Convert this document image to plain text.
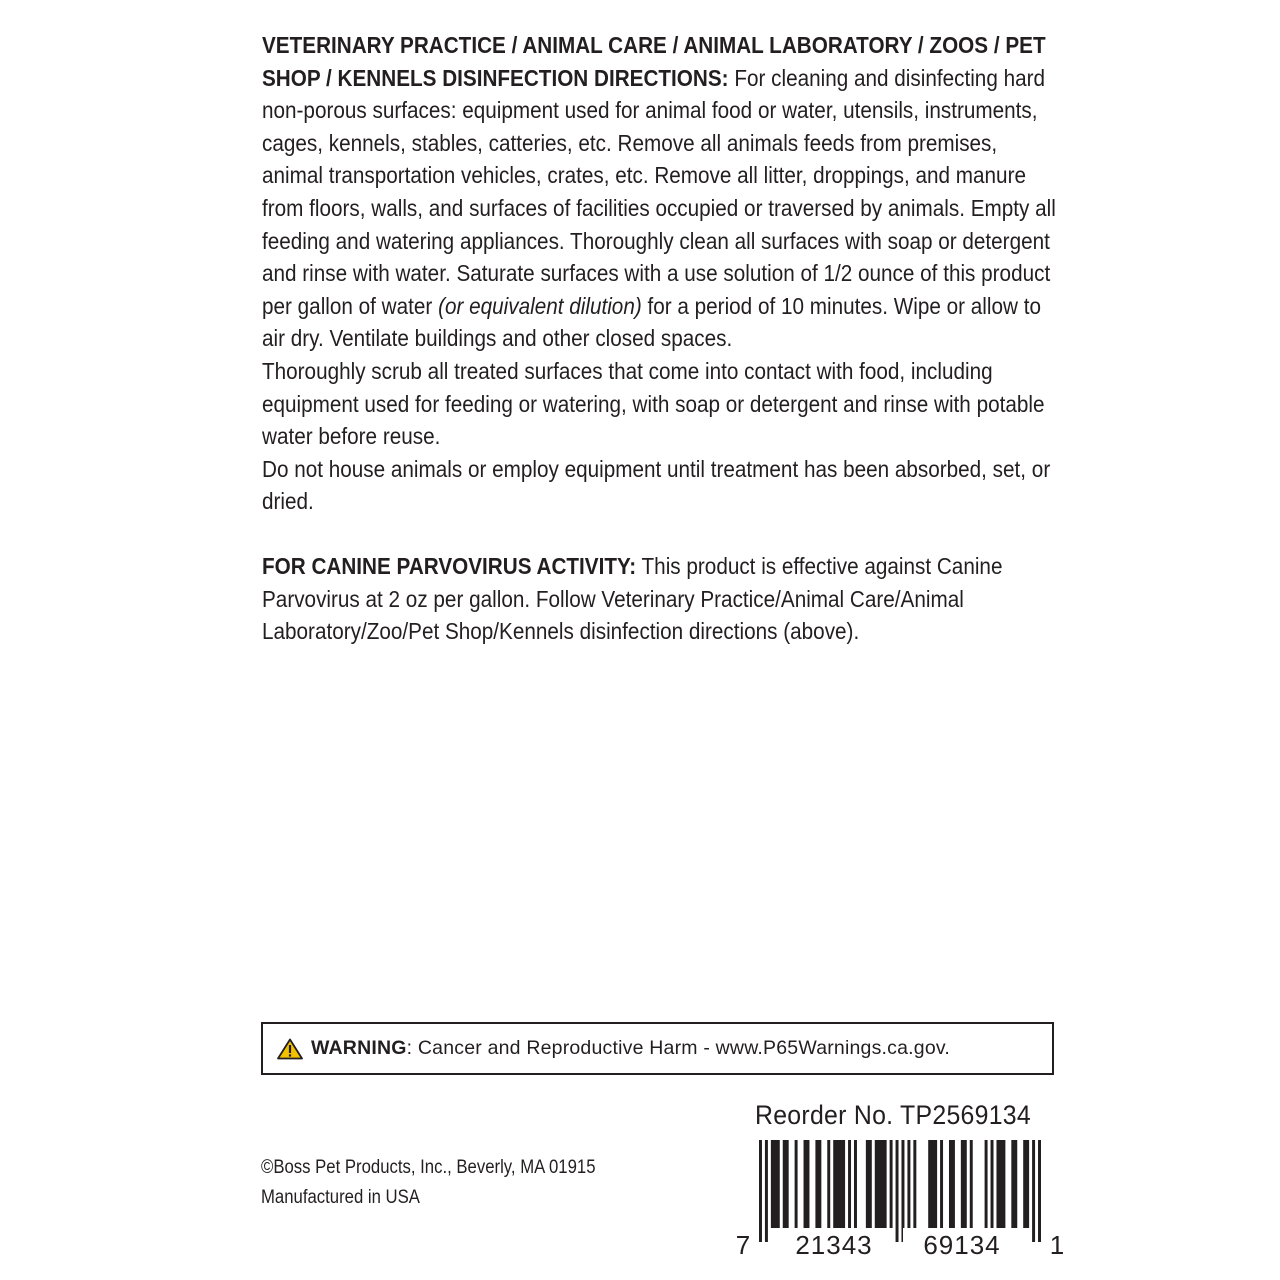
VETERINARY PRACTICE / ANIMAL CARE / ANIMAL LABORATORY / ZOOS / PET SHOP / KENNELS DISINFECTION DIRECTIONS: For cleaning and disinfecting hard non-porous surfaces: equipment used for animal food or water, utensils, instruments, cages, kennels, stables, catteries, etc. Remove all animals feeds from premises, animal transportation vehicles, crates, etc. Remove all litter, droppings, and manure from floors, walls, and surfaces of facilities occupied or traversed by animals. Empty all feeding and watering appliances. Thoroughly clean all surfaces with soap or detergent and rinse with water. Saturate surfaces with a use solution of 1/2 ounce of this product per gallon of water (or equivalent dilution) for a period of 10 minutes. Wipe or allow to air dry. Ventilate buildings and other closed spaces.

Thoroughly scrub all treated surfaces that come into contact with food, including equipment used for feeding or watering, with soap or detergent and rinse with potable water before reuse.

Do not house animals or employ equipment until treatment has been absorbed, set, or dried.

FOR CANINE PARVOVIRUS ACTIVITY: This product is effective against Canine Parvovirus at 2 oz per gallon. Follow Veterinary Practice/Animal Care/Animal Laboratory/Zoo/Pet Shop/Kennels disinfection directions (above).

WARNING : Cancer and Reproductive Harm - www.P65Warnings.ca.gov.
Reorder No. TP2569134
©Boss Pet Products, Inc., Beverly, MA 01915
Manufactured in USA
7 21343 69134 1
